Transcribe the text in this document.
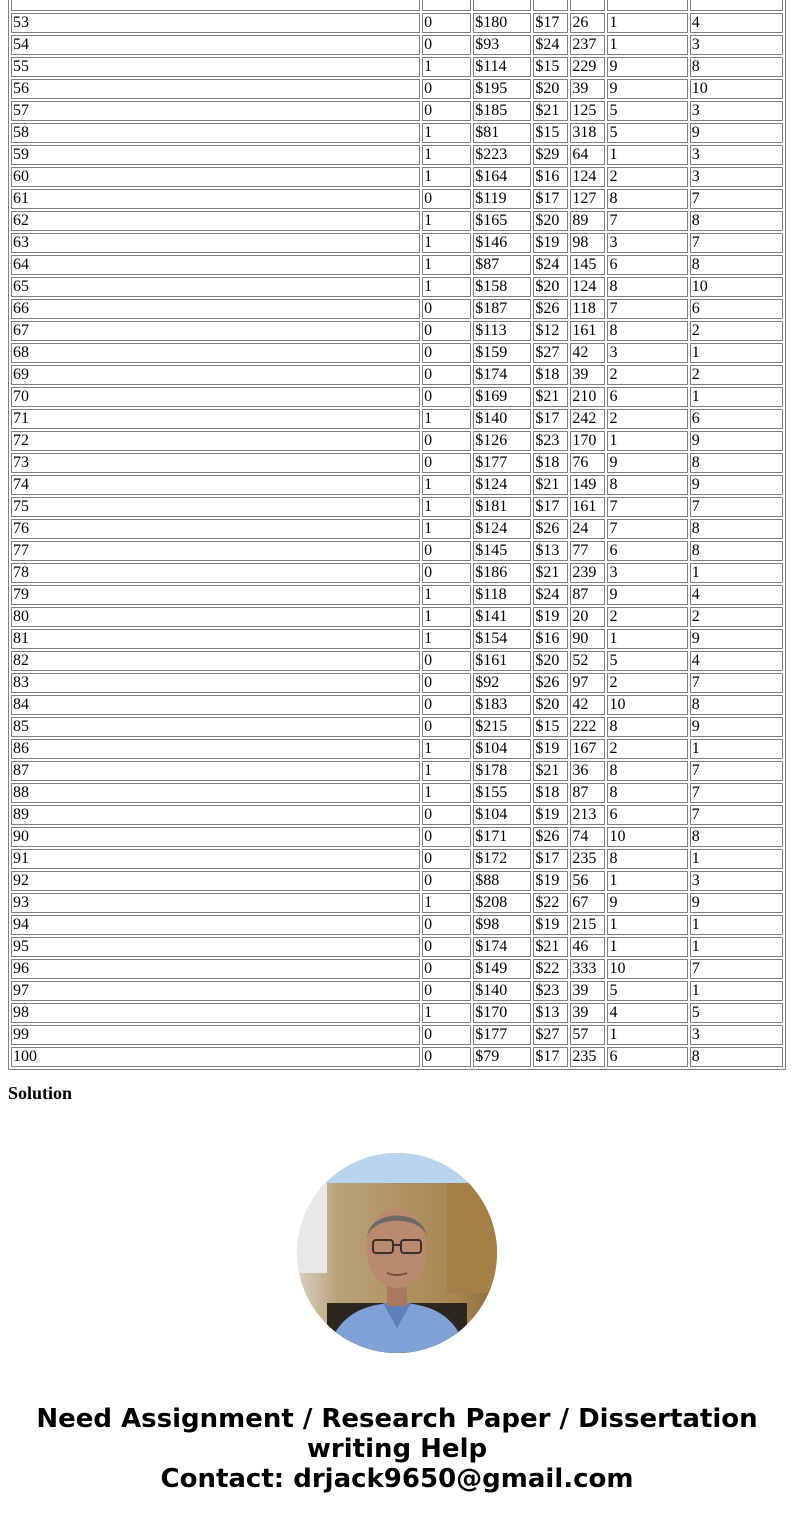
53	0	$180	$17	26	1	4
54	0	$93	$24	237	1	3
55	1	$114	$15	229	9	8
56	0	$195	$20	39	9	10
57	0	$185	$21	125	5	3
58	1	$81	$15	318	5	9
59	1	$223	$29	64	1	3
60	1	$164	$16	124	2	3
61	0	$119	$17	127	8	7
62	1	$165	$20	89	7	8
63	1	$146	$19	98	3	7
64	1	$87	$24	145	6	8
65	1	$158	$20	124	8	10
66	0	$187	$26	118	7	6
67	0	$113	$12	161	8	2
68	0	$159	$27	42	3	1
69	0	$174	$18	39	2	2
70	0	$169	$21	210	6	1
71	1	$140	$17	242	2	6
72	0	$126	$23	170	1	9
73	0	$177	$18	76	9	8
74	1	$124	$21	149	8	9
75	1	$181	$17	161	7	7
76	1	$124	$26	24	7	8
77	0	$145	$13	77	6	8
78	0	$186	$21	239	3	1
79	1	$118	$24	87	9	4
80	1	$141	$19	20	2	2
81	1	$154	$16	90	1	9
82	0	$161	$20	52	5	4
83	0	$92	$26	97	2	7
84	0	$183	$20	42	10	8
85	0	$215	$15	222	8	9
86	1	$104	$19	167	2	1
87	1	$178	$21	36	8	7
88	1	$155	$18	87	8	7
89	0	$104	$19	213	6	7
90	0	$171	$26	74	10	8
91	0	$172	$17	235	8	1
92	0	$88	$19	56	1	3
93	1	$208	$22	67	9	9
94	0	$98	$19	215	1	1
95	0	$174	$21	46	1	1
96	0	$149	$22	333	10	7
97	0	$140	$23	39	5	1
98	1	$170	$13	39	4	5
99	0	$177	$27	57	1	3
100	0	$79	$17	235	6	8
Solution

Need Assignment / Research Paper / Dissertation
writing Help
Contact: drjack9650@gmail.com
